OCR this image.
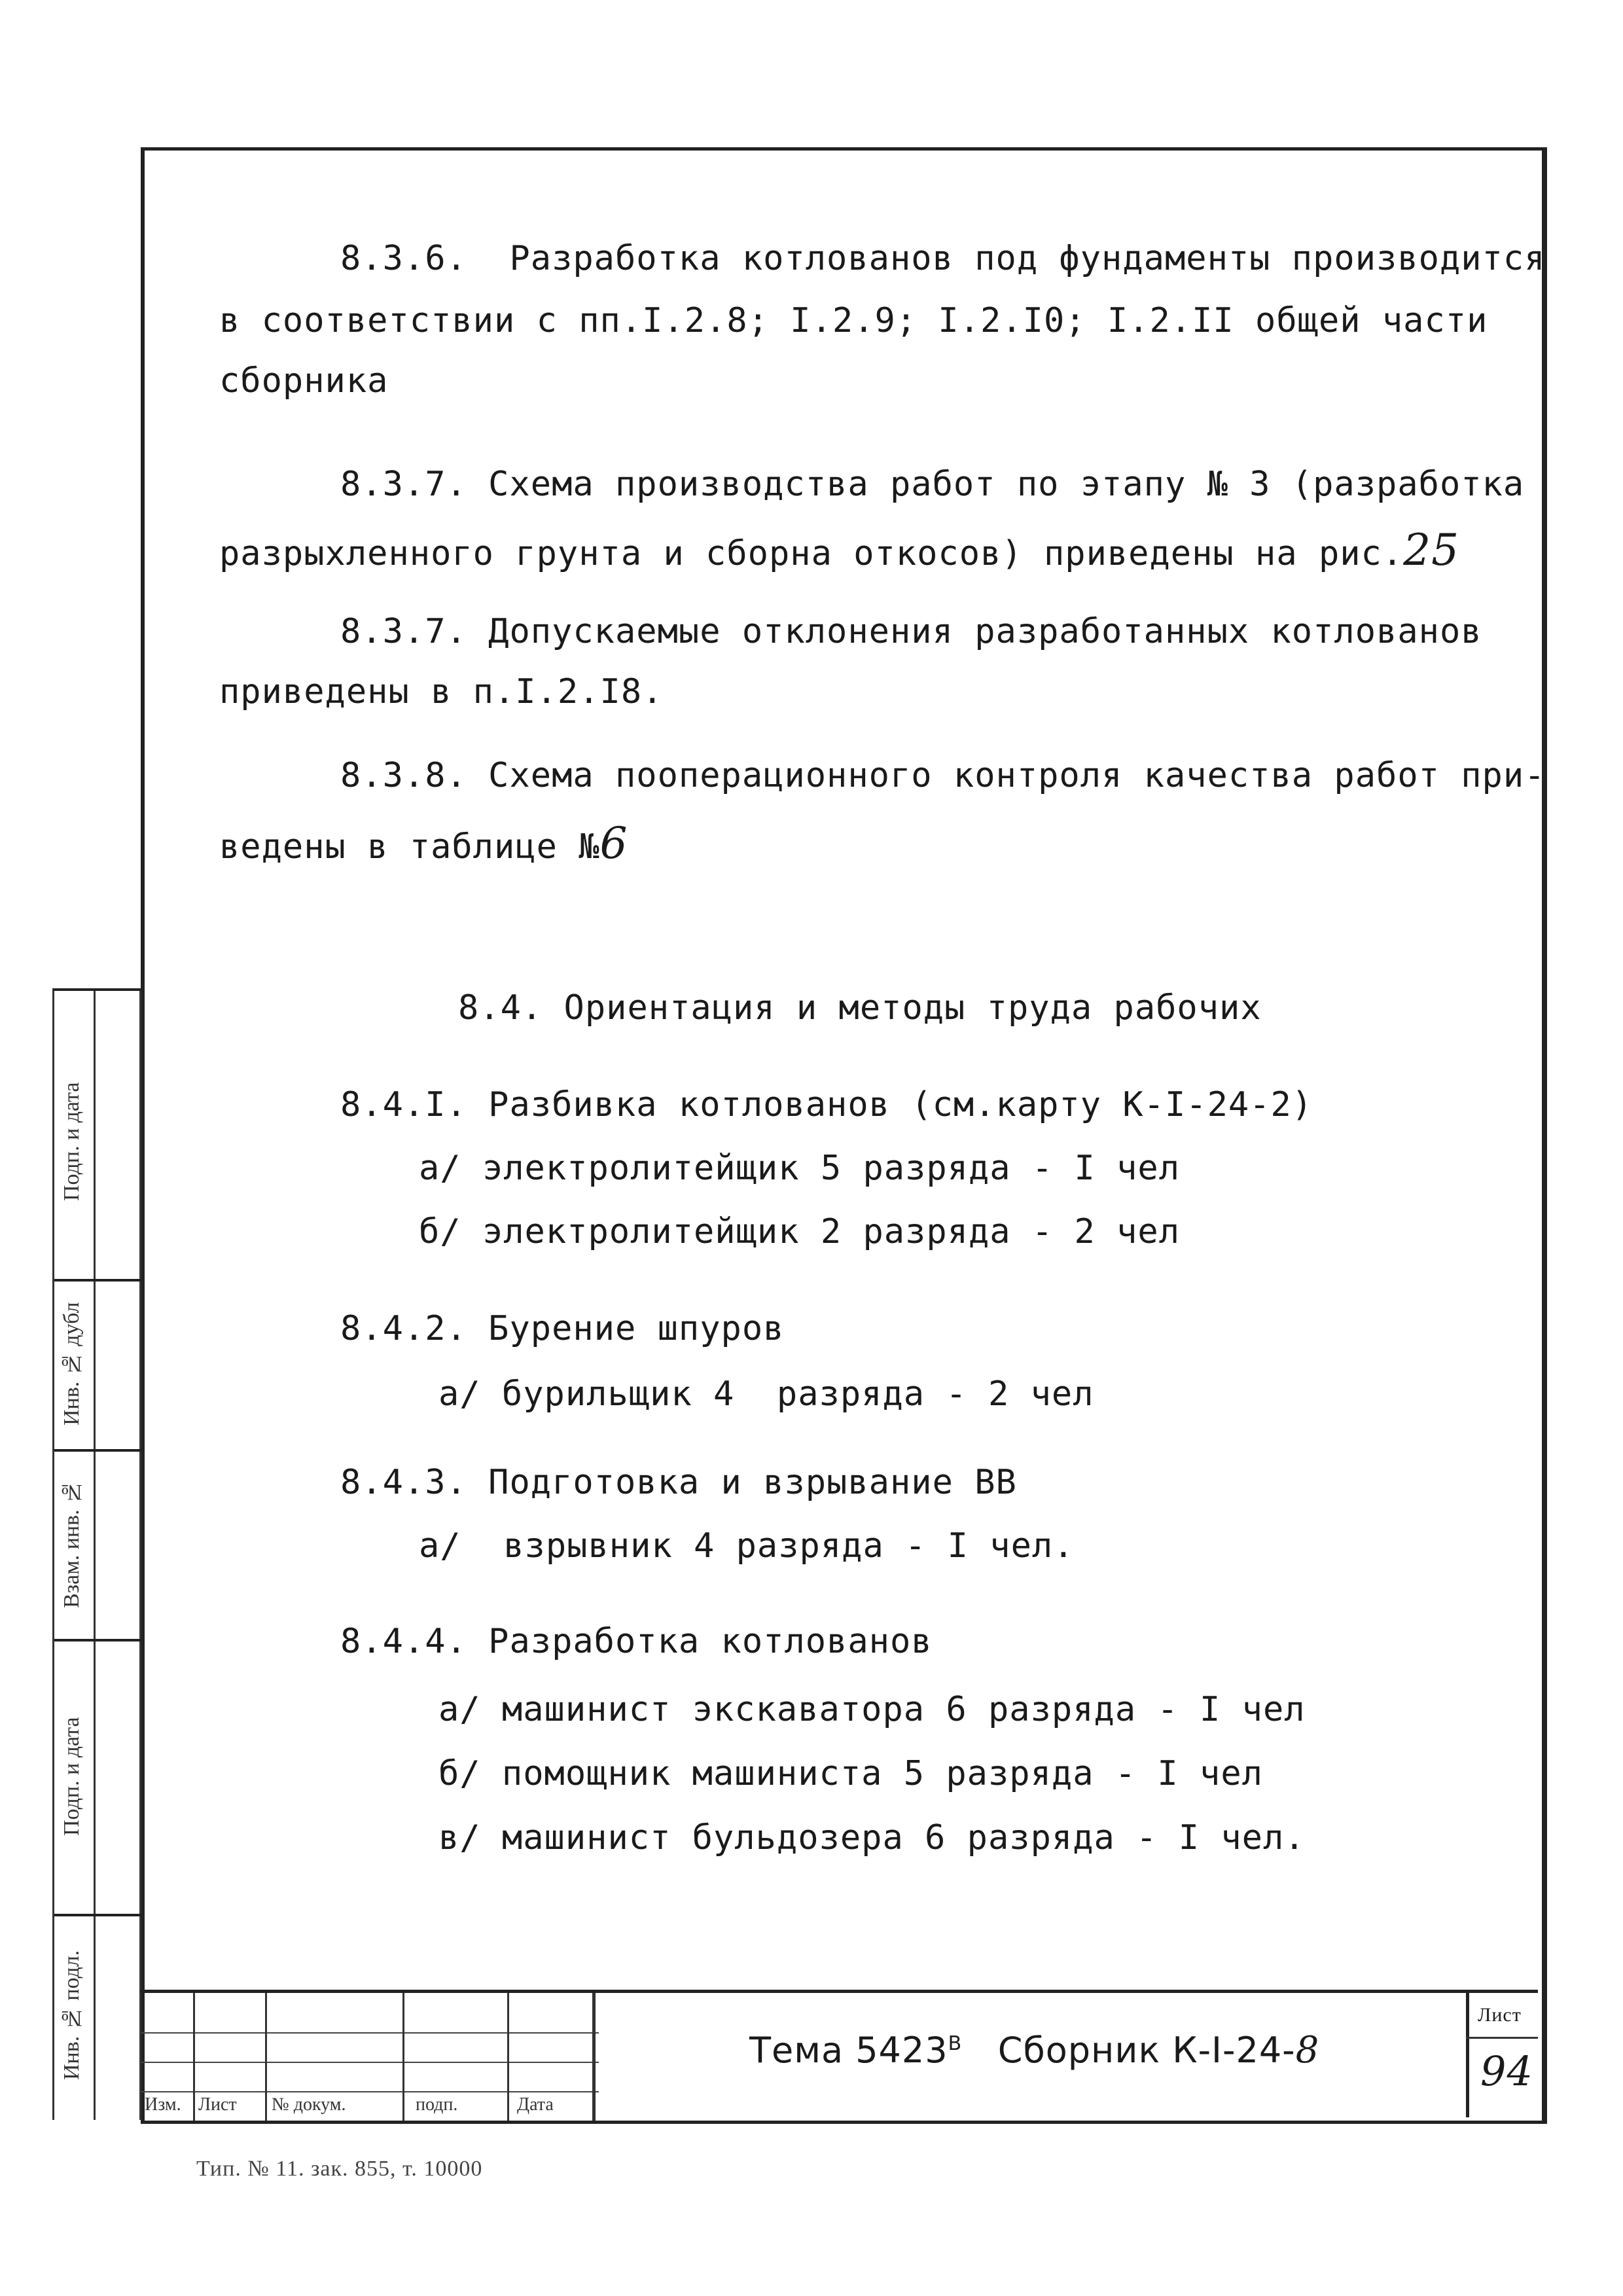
8.3.6.  Разработка котлованов под фундаменты производится
в соответствии с пп.I.2.8; I.2.9; I.2.I0; I.2.II общей части
сборника
8.3.7. Схема производства работ по этапу № 3 (разработка
разрыхленного грунта и сборна откосов) приведены на рис.25
8.3.7. Допускаемые отклонения разработанных котлованов
приведены в п.I.2.I8.
8.3.8. Схема пооперационного контроля качества работ при-
ведены в таблице №6
8.4. Ориентация и методы труда рабочих
8.4.I. Разбивка котлованов (см.карту К-I-24-2)
а/ электролитейщик 5 разряда - I чел
б/ электролитейщик 2 разряда - 2 чел
8.4.2. Бурение шпуров
а/ бурильщик 4  разряда - 2 чел
8.4.3. Подготовка и взрывание ВВ
а/  взрывник 4 разряда - I чел.
8.4.4. Разработка котлованов
а/ машинист экскаватора 6 разряда - I чел
б/ помощник машиниста 5 разряда - I чел
в/ машинист бульдозера 6 разряда - I чел.
Подп. и дата
Инв. № дубл
Взам. инв. №
Подп. и дата
Инв. № подл.
Изм. Лист № докум.	подп.	Дата
Тема $5423^В$ Сборник К-I-24-8
Лист
94
Тип. № 11. зак. 855, т. 10000
